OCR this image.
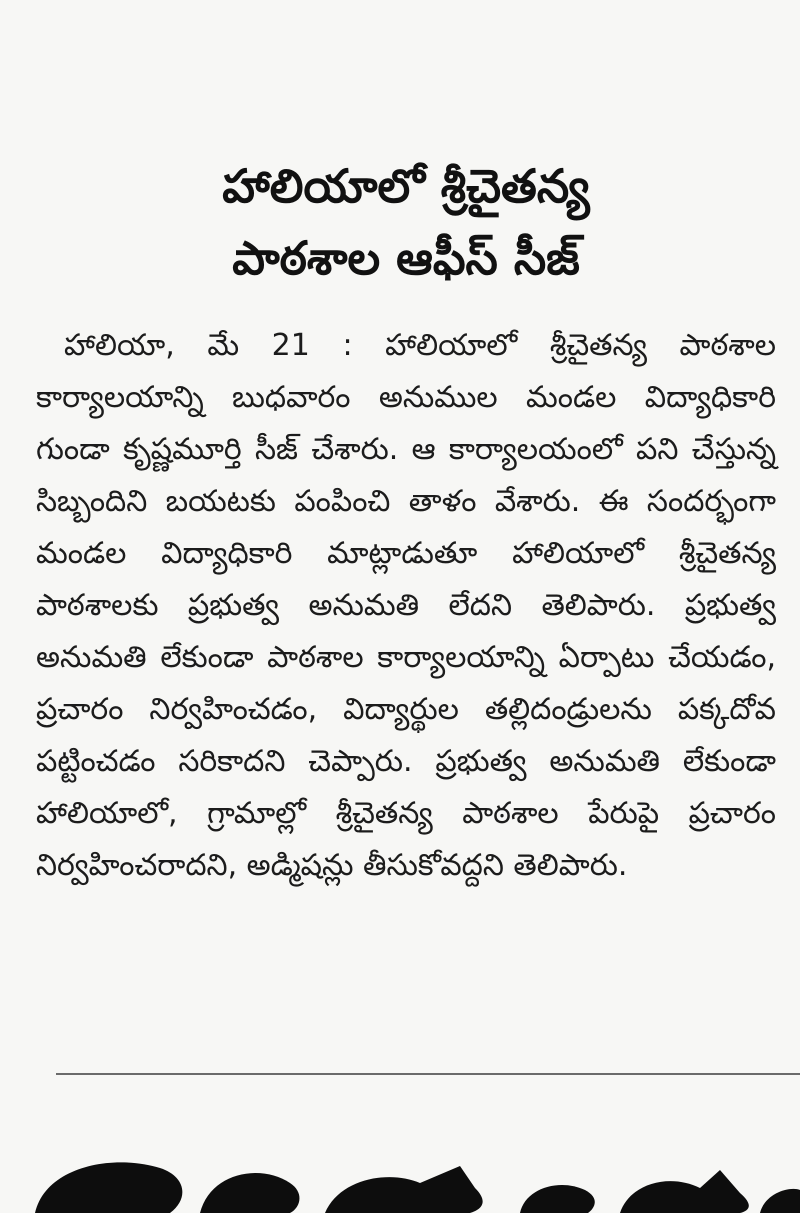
హాలియాలో శ్రీచైతన్య
పాఠశాల ఆఫీస్ సీజ్

హాలియా, మే 21 : హాలియాలో శ్రీచైతన్య పాఠశాల కార్యాలయాన్ని బుధవారం అనుముల మండల విద్యాధికారి గుండా కృష్ణమూర్తి సీజ్ చేశారు. ఆ కార్యాలయంలో పని చేస్తున్న సిబ్బందిని బయటకు పంపించి తాళం వేశారు. ఈ సందర్భంగా మండల విద్యాధికారి మాట్లాడుతూ హాలియాలో శ్రీచైతన్య పాఠశాలకు ప్రభుత్వ అనుమతి లేదని తెలిపారు. ప్రభుత్వ అనుమతి లేకుండా పాఠశాల కార్యాలయాన్ని ఏర్పాటు చేయడం, ప్రచారం నిర్వహించడం, విద్యార్థుల తల్లిదండ్రులను పక్కదోవ పట్టించడం సరికాదని చెప్పారు. ప్రభుత్వ అనుమతి లేకుండా హాలియాలో, గ్రామాల్లో శ్రీచైతన్య పాఠశాల పేరుపై ప్రచారం నిర్వహించరాదని, అడ్మిషన్లు తీసుకోవద్దని తెలిపారు.
